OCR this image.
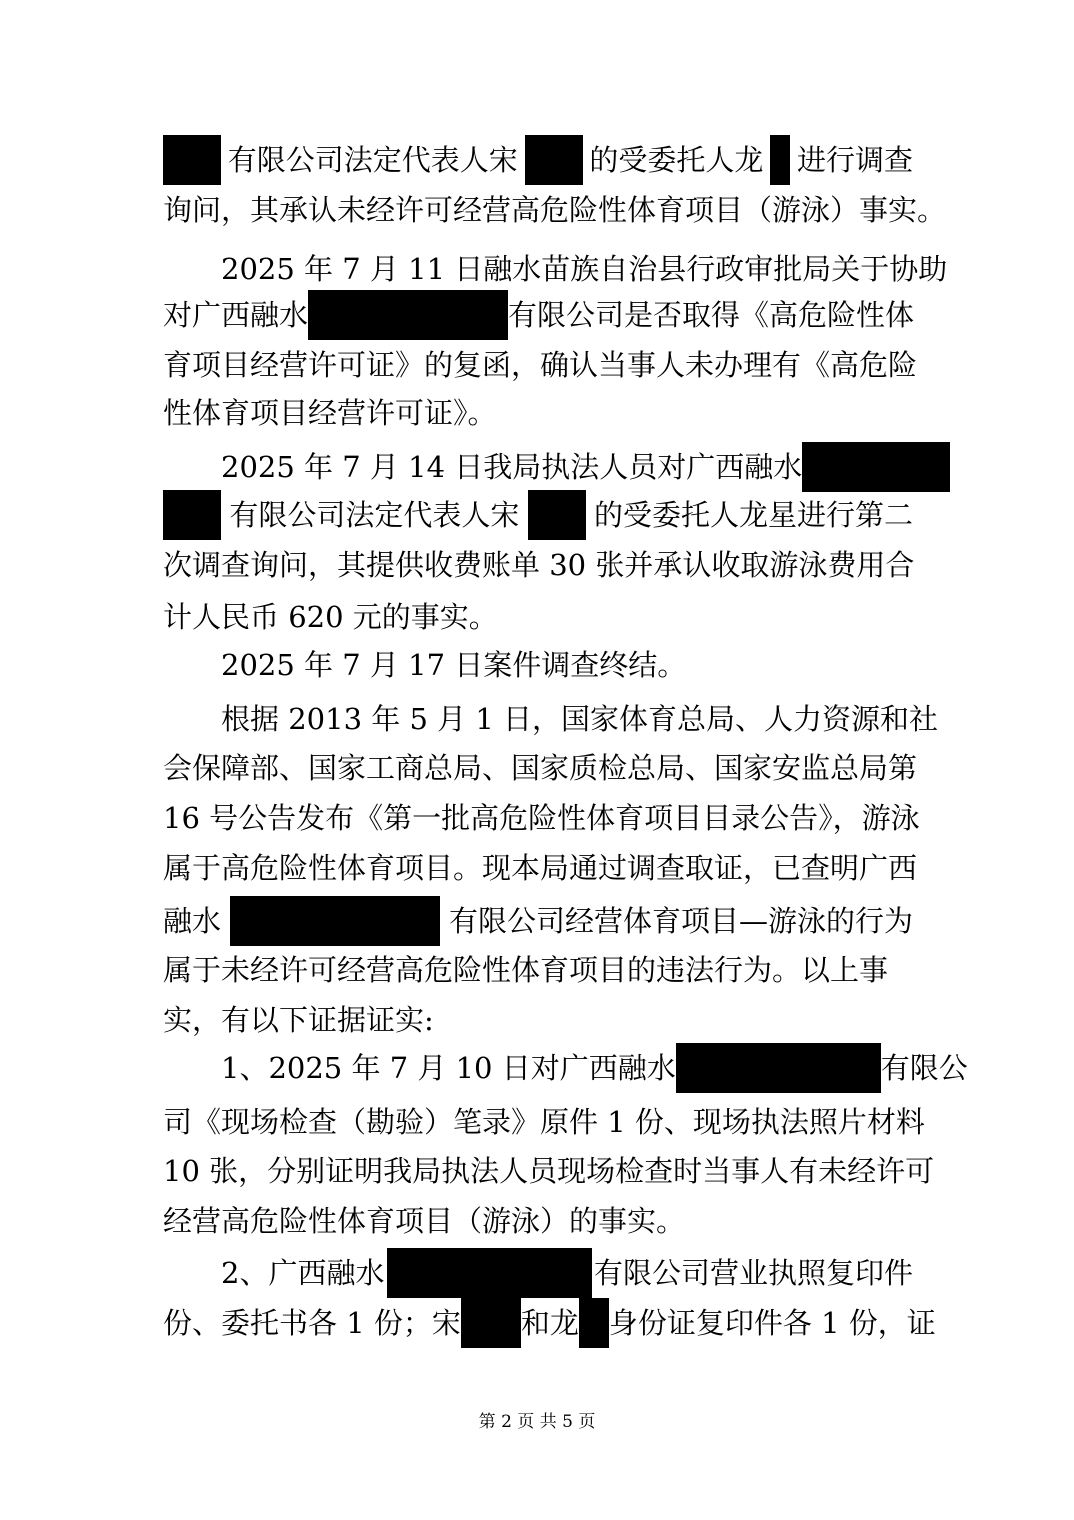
有限公司法定代表人宋 的受委托人龙 进行调查
询问，其承认未经许可经营高危险性体育项目（游泳）事实。
2025 年 7 月 11 日融水苗族自治县行政审批局关于协助
对广西融水	有限公司是否取得《高危险性体
育项目经营许可证》的复函，确认当事人未办理有《高危险
性体育项目经营许可证》。
2025 年 7 月 14 日我局执法人员对广西融水
有限公司法定代表人宋	的受委托人龙星进行第二
次调查询问，其提供收费账单 30 张并承认收取游泳费用合
计人民币 620 元的事实。
2025 年 7 月 17 日案件调查终结。
根据 2013 年 5 月 1 日，国家体育总局、人力资源和社
会保障部、国家工商总局、国家质检总局、国家安监总局第
16 号公告发布《第一批高危险性体育项目目录公告》，游泳
属于高危险性体育项目。现本局通过调查取证，已查明广西
融水	有限公司经营体育项目—游泳的行为
属于未经许可经营高危险性体育项目的违法行为。以上事
实，有以下证据证实:
1、2025 年 7 月 10 日对广西融水	有限公
司《现场检查（勘验）笔录》原件 1 份、现场执法照片材料
10 张，分别证明我局执法人员现场检查时当事人有未经许可
经营高危险性体育项目（游泳）的事实。
2、广西融水	有限公司营业执照复印件
份、委托书各 1 份；宋 和龙 身份证复印件各 1 份，证
第 2 页 共 5 页
